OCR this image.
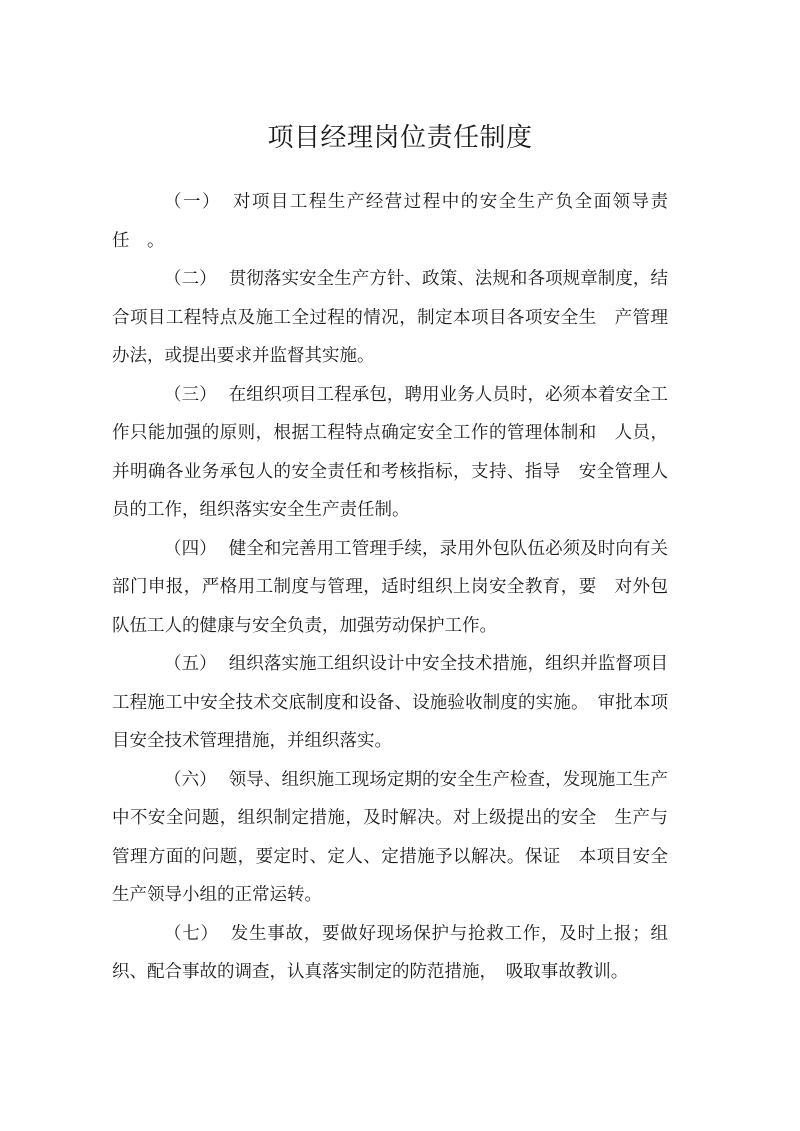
项目经理岗位责任制度

（一） 对项目工程生产经营过程中的安全生产负全面领导责任　。

（二） 贯彻落实安全生产方针、政策、法规和各项规章制度，结合项目工程特点及施工全过程的情况，制定本项目各项安全生　产管理办法，或提出要求并监督其实施。

（三） 在组织项目工程承包，聘用业务人员时，必须本着安全工作只能加强的原则，根据工程特点确定安全工作的管理体制和　人员，并明确各业务承包人的安全责任和考核指标，支持、指导　安全管理人员的工作，组织落实安全生产责任制。

（四） 健全和完善用工管理手续，录用外包队伍必须及时向有关部门申报，严格用工制度与管理，适时组织上岗安全教育，要　对外包队伍工人的健康与安全负责，加强劳动保护工作。

（五） 组织落实施工组织设计中安全技术措施，组织并监督项目工程施工中安全技术交底制度和设备、设施验收制度的实施。　审批本项目安全技术管理措施，并组织落实。

（六） 领导、组织施工现场定期的安全生产检查，发现施工生产中不安全问题，组织制定措施，及时解决。对上级提出的安全　生产与管理方面的问题，要定时、定人、定措施予以解决。保证　本项目安全生产领导小组的正常运转。

（七） 发生事故，要做好现场保护与抢救工作，及时上报；组织、配合事故的调查，认真落实制定的防范措施，　吸取事故教训。
